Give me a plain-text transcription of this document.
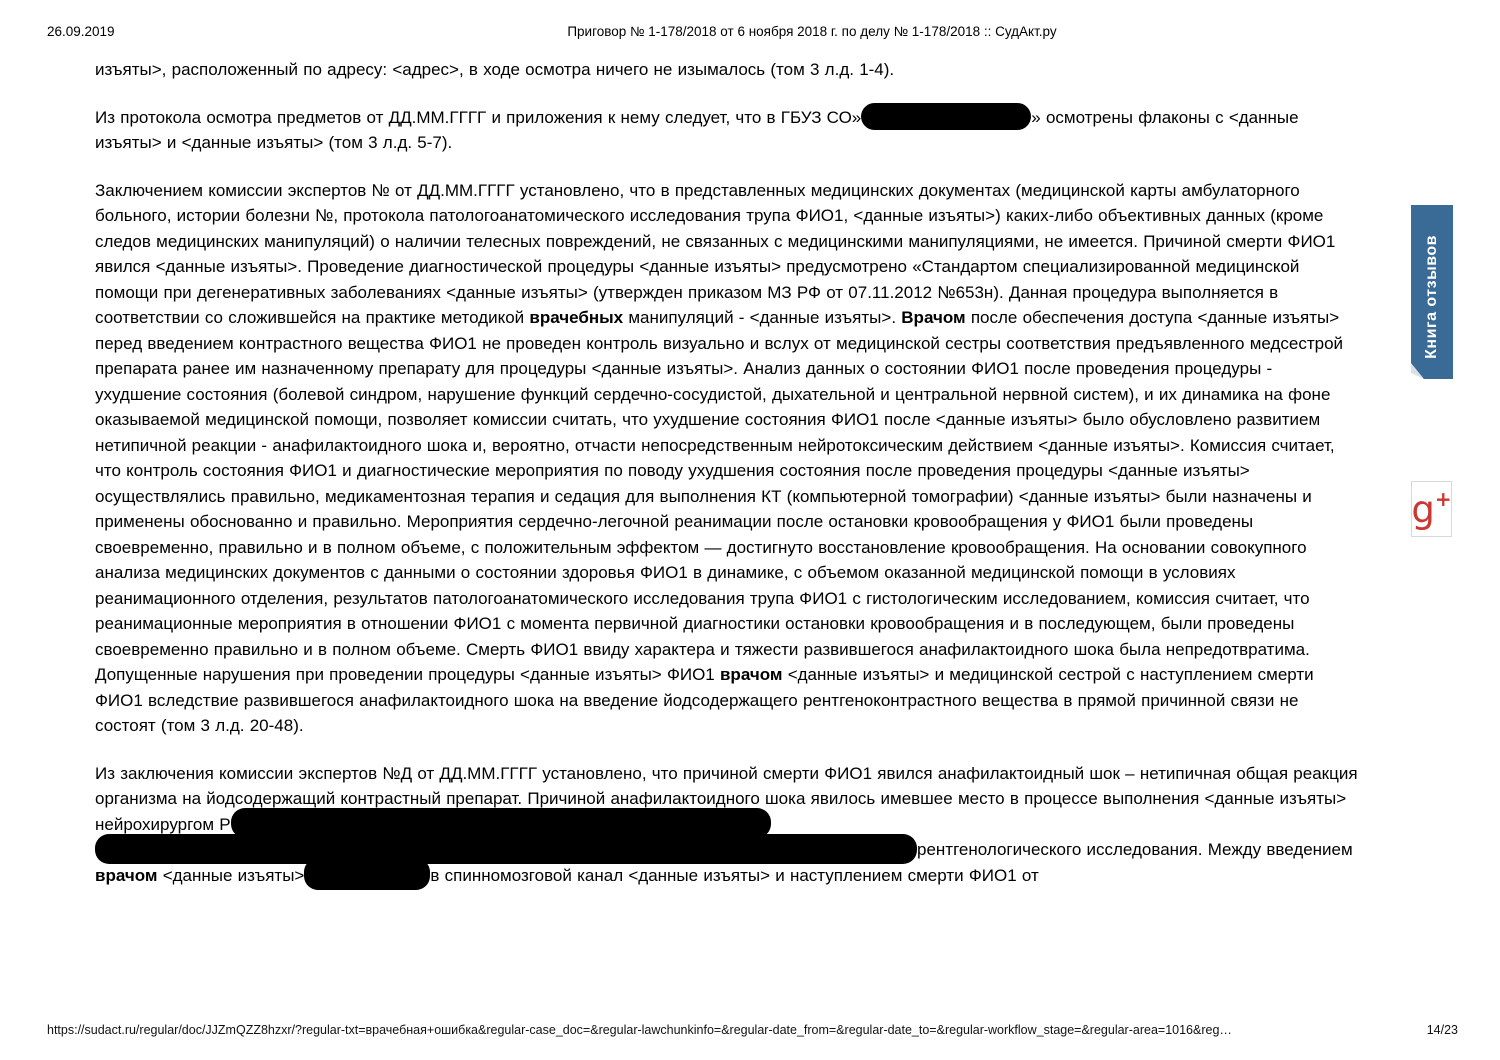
26.09.2019	Приговор № 1-178/2018 от 6 ноября 2018 г. по делу № 1-178/2018 :: СудАкт.ру

изъяты>, расположенный по адресу: <адрес>, в ходе осмотра ничего не изымалось (том 3 л.д. 1-4).

Из протокола осмотра предметов от ДД.ММ.ГГГГ и приложения к нему следует, что в ГБУЗ СО»	» осмотрены флаконы с <данные изъяты> и <данные изъяты> (том 3 л.д. 5-7).

Заключением комиссии экспертов № от ДД.ММ.ГГГГ установлено, что в представленных медицинских документах (медицинской карты амбулаторного больного, истории болезни №, протокола патологоанатомического исследования трупа ФИО1, <данные изъяты>) каких-либо объективных данных (кроме следов медицинских манипуляций) о наличии телесных повреждений, не связанных с медицинскими манипуляциями, не имеется. Причиной смерти ФИО1 явился <данные изъяты>. Проведение диагностической процедуры <данные изъяты> предусмотрено «Стандартом специализированной медицинской помощи при дегенеративных заболеваниях <данные изъяты> (утвержден приказом МЗ РФ от 07.11.2012 №653н). Данная процедура выполняется в соответствии со сложившейся на практике методикой врачебных манипуляций - <данные изъяты>. Врачом после обеспечения доступа <данные изъяты> перед введением контрастного вещества ФИО1 не проведен контроль визуально и вслух от медицинской сестры соответствия предъявленного медсестрой препарата ранее им назначенному препарату для процедуры <данные изъяты>. Анализ данных о состоянии ФИО1 после проведения процедуры - ухудшение состояния (болевой синдром, нарушение функций сердечно-сосудистой, дыхательной и центральной нервной систем), и их динамика на фоне оказываемой медицинской помощи, позволяет комиссии считать, что ухудшение состояния ФИО1 после <данные изъяты> было обусловлено развитием нетипичной реакции - анафилактоидного шока и, вероятно, отчасти непосредственным нейротоксическим действием <данные изъяты>. Комиссия считает, что контроль состояния ФИО1 и диагностические мероприятия по поводу ухудшения состояния после проведения процедуры <данные изъяты> осуществлялись правильно, медикаментозная терапия и седация для выполнения КТ (компьютерной томографии) <данные изъяты> были назначены и применены обоснованно и правильно. Мероприятия сердечно-легочной реанимации после остановки кровообращения у ФИО1 были проведены своевременно, правильно и в полном объеме, с положительным эффектом — достигнуто восстановление кровообращения. На основании совокупного анализа медицинских документов с данными о состоянии здоровья ФИО1 в динамике, с объемом оказанной медицинской помощи в условиях реанимационного отделения, результатов патологоанатомического исследования трупа ФИО1 с гистологическим исследованием, комиссия считает, что реанимационные мероприятия в отношении ФИО1 с момента первичной диагностики остановки кровообращения и в последующем, были проведены своевременно правильно и в полном объеме. Смерть ФИО1 ввиду характера и тяжести развившегося анафилактоидного шока была непредотвратима. Допущенные нарушения при проведении процедуры <данные изъяты> ФИО1 врачом <данные изъяты> и медицинской сестрой с наступлением смерти ФИО1 вследствие развившегося анафилактоидного шока на введение йодсодержащего рентгеноконтрастного вещества в прямой причинной связи не состоят (том 3 л.д. 20-48).

Из заключения комиссии экспертов №Д от ДД.ММ.ГГГГ установлено, что причиной смерти ФИО1 явился анафилактоидный шок – нетипичная общая реакция организма на йодсодержащий контрастный препарат. Причиной анафилактоидного шока явилось имевшее место в процессе выполнения <данные изъяты> нейрохирургом Р рентгенологического исследования. Между введением врачом <данные изъяты>	в спинномозговой канал <данные изъяты> и наступлением смерти ФИО1 от

Книга отзывов
g +
https://sudact.ru/regular/doc/JJZmQZZ8hzxr/?regular-txt=врачебная+ошибка&regular-case_doc=&regular-lawchunkinfo=&regular-date_from=&regular-date_to=&regular-workflow_stage=&regular-area=1016&reg…	14/23
